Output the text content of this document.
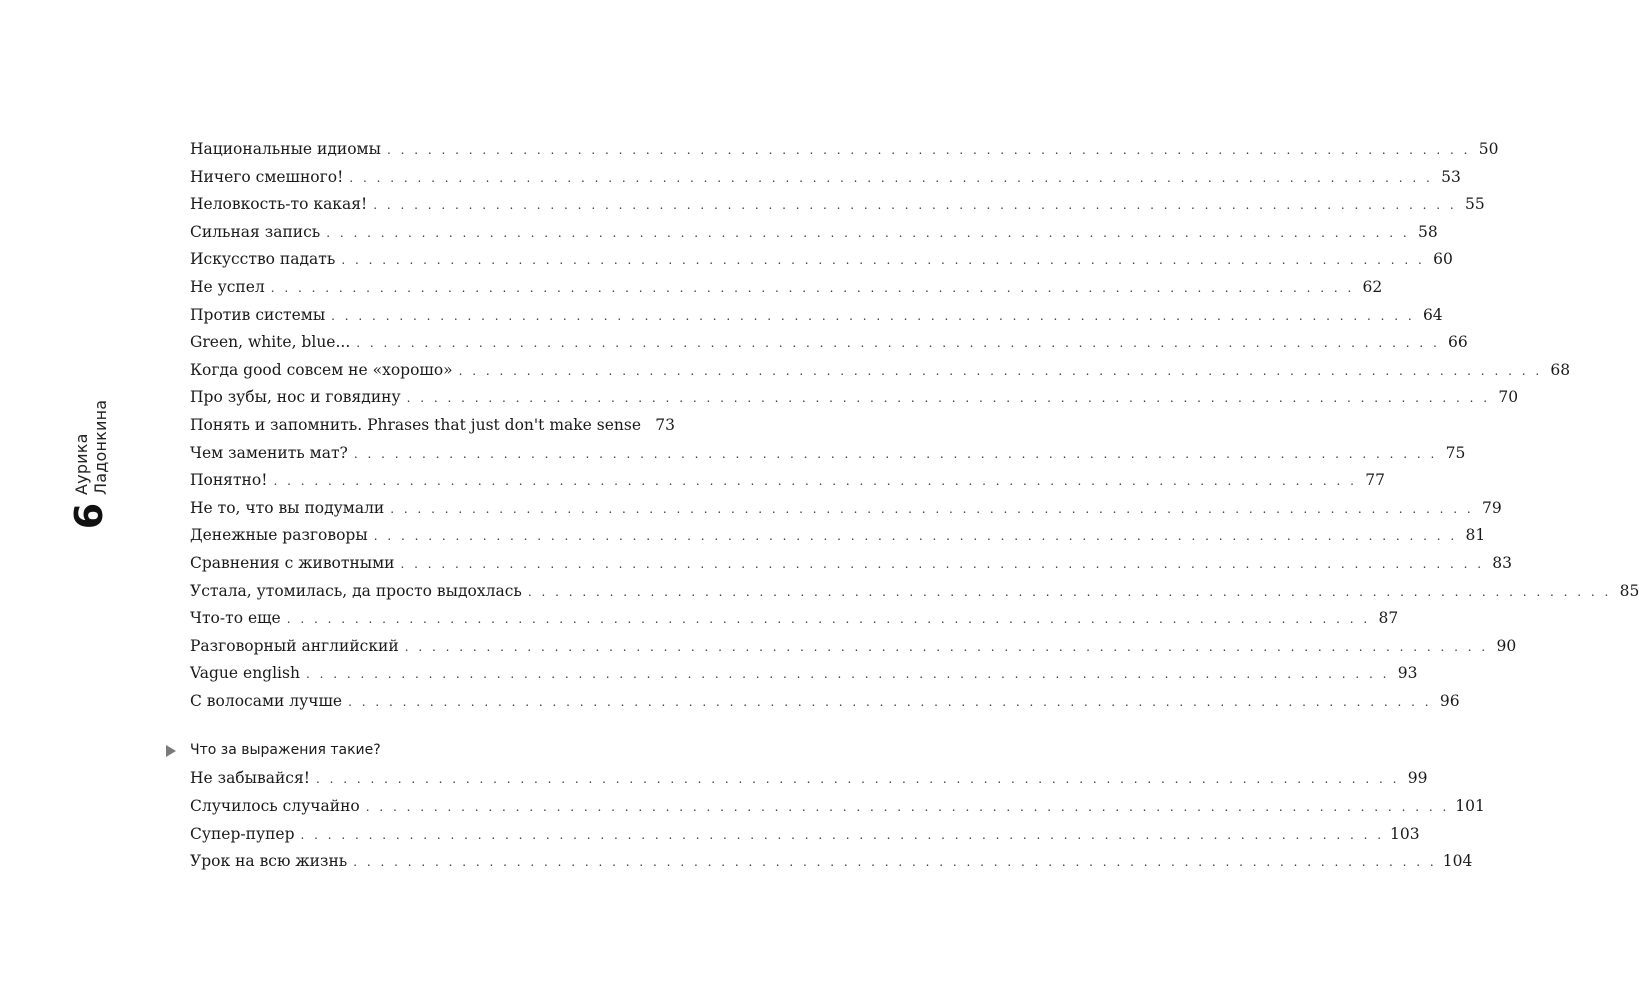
Аурика Ладонкина
6
Национальные идиомы . . . . . . . . . . . . . . . . . . . . . . . . . . . . . . . . . . . . . . . . . . . . . . . . . . . . . . . . . . . . . . . . . . . . . . . . . . . . . . . . 50
Ничего смешного! . . . . . . . . . . . . . . . . . . . . . . . . . . . . . . . . . . . . . . . . . . . . . . . . . . . . . . . . . . . . . . . . . . . . . . . . . . . . . . . . 53
Неловкость-то какая! . . . . . . . . . . . . . . . . . . . . . . . . . . . . . . . . . . . . . . . . . . . . . . . . . . . . . . . . . . . . . . . . . . . . . . . . . . . . . . . . 55
Сильная запись . . . . . . . . . . . . . . . . . . . . . . . . . . . . . . . . . . . . . . . . . . . . . . . . . . . . . . . . . . . . . . . . . . . . . . . . . . . . . . . . 58
Искусство падать . . . . . . . . . . . . . . . . . . . . . . . . . . . . . . . . . . . . . . . . . . . . . . . . . . . . . . . . . . . . . . . . . . . . . . . . . . . . . . . . 60
Не успел . . . . . . . . . . . . . . . . . . . . . . . . . . . . . . . . . . . . . . . . . . . . . . . . . . . . . . . . . . . . . . . . . . . . . . . . . . . . . . . . 62
Против системы . . . . . . . . . . . . . . . . . . . . . . . . . . . . . . . . . . . . . . . . . . . . . . . . . . . . . . . . . . . . . . . . . . . . . . . . . . . . . . . . 64
Green, white, blue... . . . . . . . . . . . . . . . . . . . . . . . . . . . . . . . . . . . . . . . . . . . . . . . . . . . . . . . . . . . . . . . . . . . . . . . . . . . . . . . . 66
Когда good совсем не «хорошо» . . . . . . . . . . . . . . . . . . . . . . . . . . . . . . . . . . . . . . . . . . . . . . . . . . . . . . . . . . . . . . . . . . . . . . . . . . . . . . . . 68
Про зубы, нос и говядину . . . . . . . . . . . . . . . . . . . . . . . . . . . . . . . . . . . . . . . . . . . . . . . . . . . . . . . . . . . . . . . . . . . . . . . . . . . . . . . . 70
Понять и запомнить. Phrases that just don't make sense 73
Чем заменить мат? . . . . . . . . . . . . . . . . . . . . . . . . . . . . . . . . . . . . . . . . . . . . . . . . . . . . . . . . . . . . . . . . . . . . . . . . . . . . . . . . 75
Понятно! . . . . . . . . . . . . . . . . . . . . . . . . . . . . . . . . . . . . . . . . . . . . . . . . . . . . . . . . . . . . . . . . . . . . . . . . . . . . . . . . 77
Не то, что вы подумали . . . . . . . . . . . . . . . . . . . . . . . . . . . . . . . . . . . . . . . . . . . . . . . . . . . . . . . . . . . . . . . . . . . . . . . . . . . . . . . . 79
Денежные разговоры . . . . . . . . . . . . . . . . . . . . . . . . . . . . . . . . . . . . . . . . . . . . . . . . . . . . . . . . . . . . . . . . . . . . . . . . . . . . . . . . 81
Сравнения с животными . . . . . . . . . . . . . . . . . . . . . . . . . . . . . . . . . . . . . . . . . . . . . . . . . . . . . . . . . . . . . . . . . . . . . . . . . . . . . . . . 83
Устала, утомилась, да просто выдохлась . . . . . . . . . . . . . . . . . . . . . . . . . . . . . . . . . . . . . . . . . . . . . . . . . . . . . . . . . . . . . . . . . . . . . . . . . . . . . . . . 85
Что-то еще . . . . . . . . . . . . . . . . . . . . . . . . . . . . . . . . . . . . . . . . . . . . . . . . . . . . . . . . . . . . . . . . . . . . . . . . . . . . . . . . 87
Разговорный английский . . . . . . . . . . . . . . . . . . . . . . . . . . . . . . . . . . . . . . . . . . . . . . . . . . . . . . . . . . . . . . . . . . . . . . . . . . . . . . . . 90
Vague english . . . . . . . . . . . . . . . . . . . . . . . . . . . . . . . . . . . . . . . . . . . . . . . . . . . . . . . . . . . . . . . . . . . . . . . . . . . . . . . . 93
С волосами лучше . . . . . . . . . . . . . . . . . . . . . . . . . . . . . . . . . . . . . . . . . . . . . . . . . . . . . . . . . . . . . . . . . . . . . . . . . . . . . . . . 96
Что за выражения такие?
Не забывайся! . . . . . . . . . . . . . . . . . . . . . . . . . . . . . . . . . . . . . . . . . . . . . . . . . . . . . . . . . . . . . . . . . . . . . . . . . . . . . . . . 99
Случилось случайно . . . . . . . . . . . . . . . . . . . . . . . . . . . . . . . . . . . . . . . . . . . . . . . . . . . . . . . . . . . . . . . . . . . . . . . . . . . . . . . . 101
Супер-пупер . . . . . . . . . . . . . . . . . . . . . . . . . . . . . . . . . . . . . . . . . . . . . . . . . . . . . . . . . . . . . . . . . . . . . . . . . . . . . . . . 103
Урок на всю жизнь . . . . . . . . . . . . . . . . . . . . . . . . . . . . . . . . . . . . . . . . . . . . . . . . . . . . . . . . . . . . . . . . . . . . . . . . . . . . . . . . 104
